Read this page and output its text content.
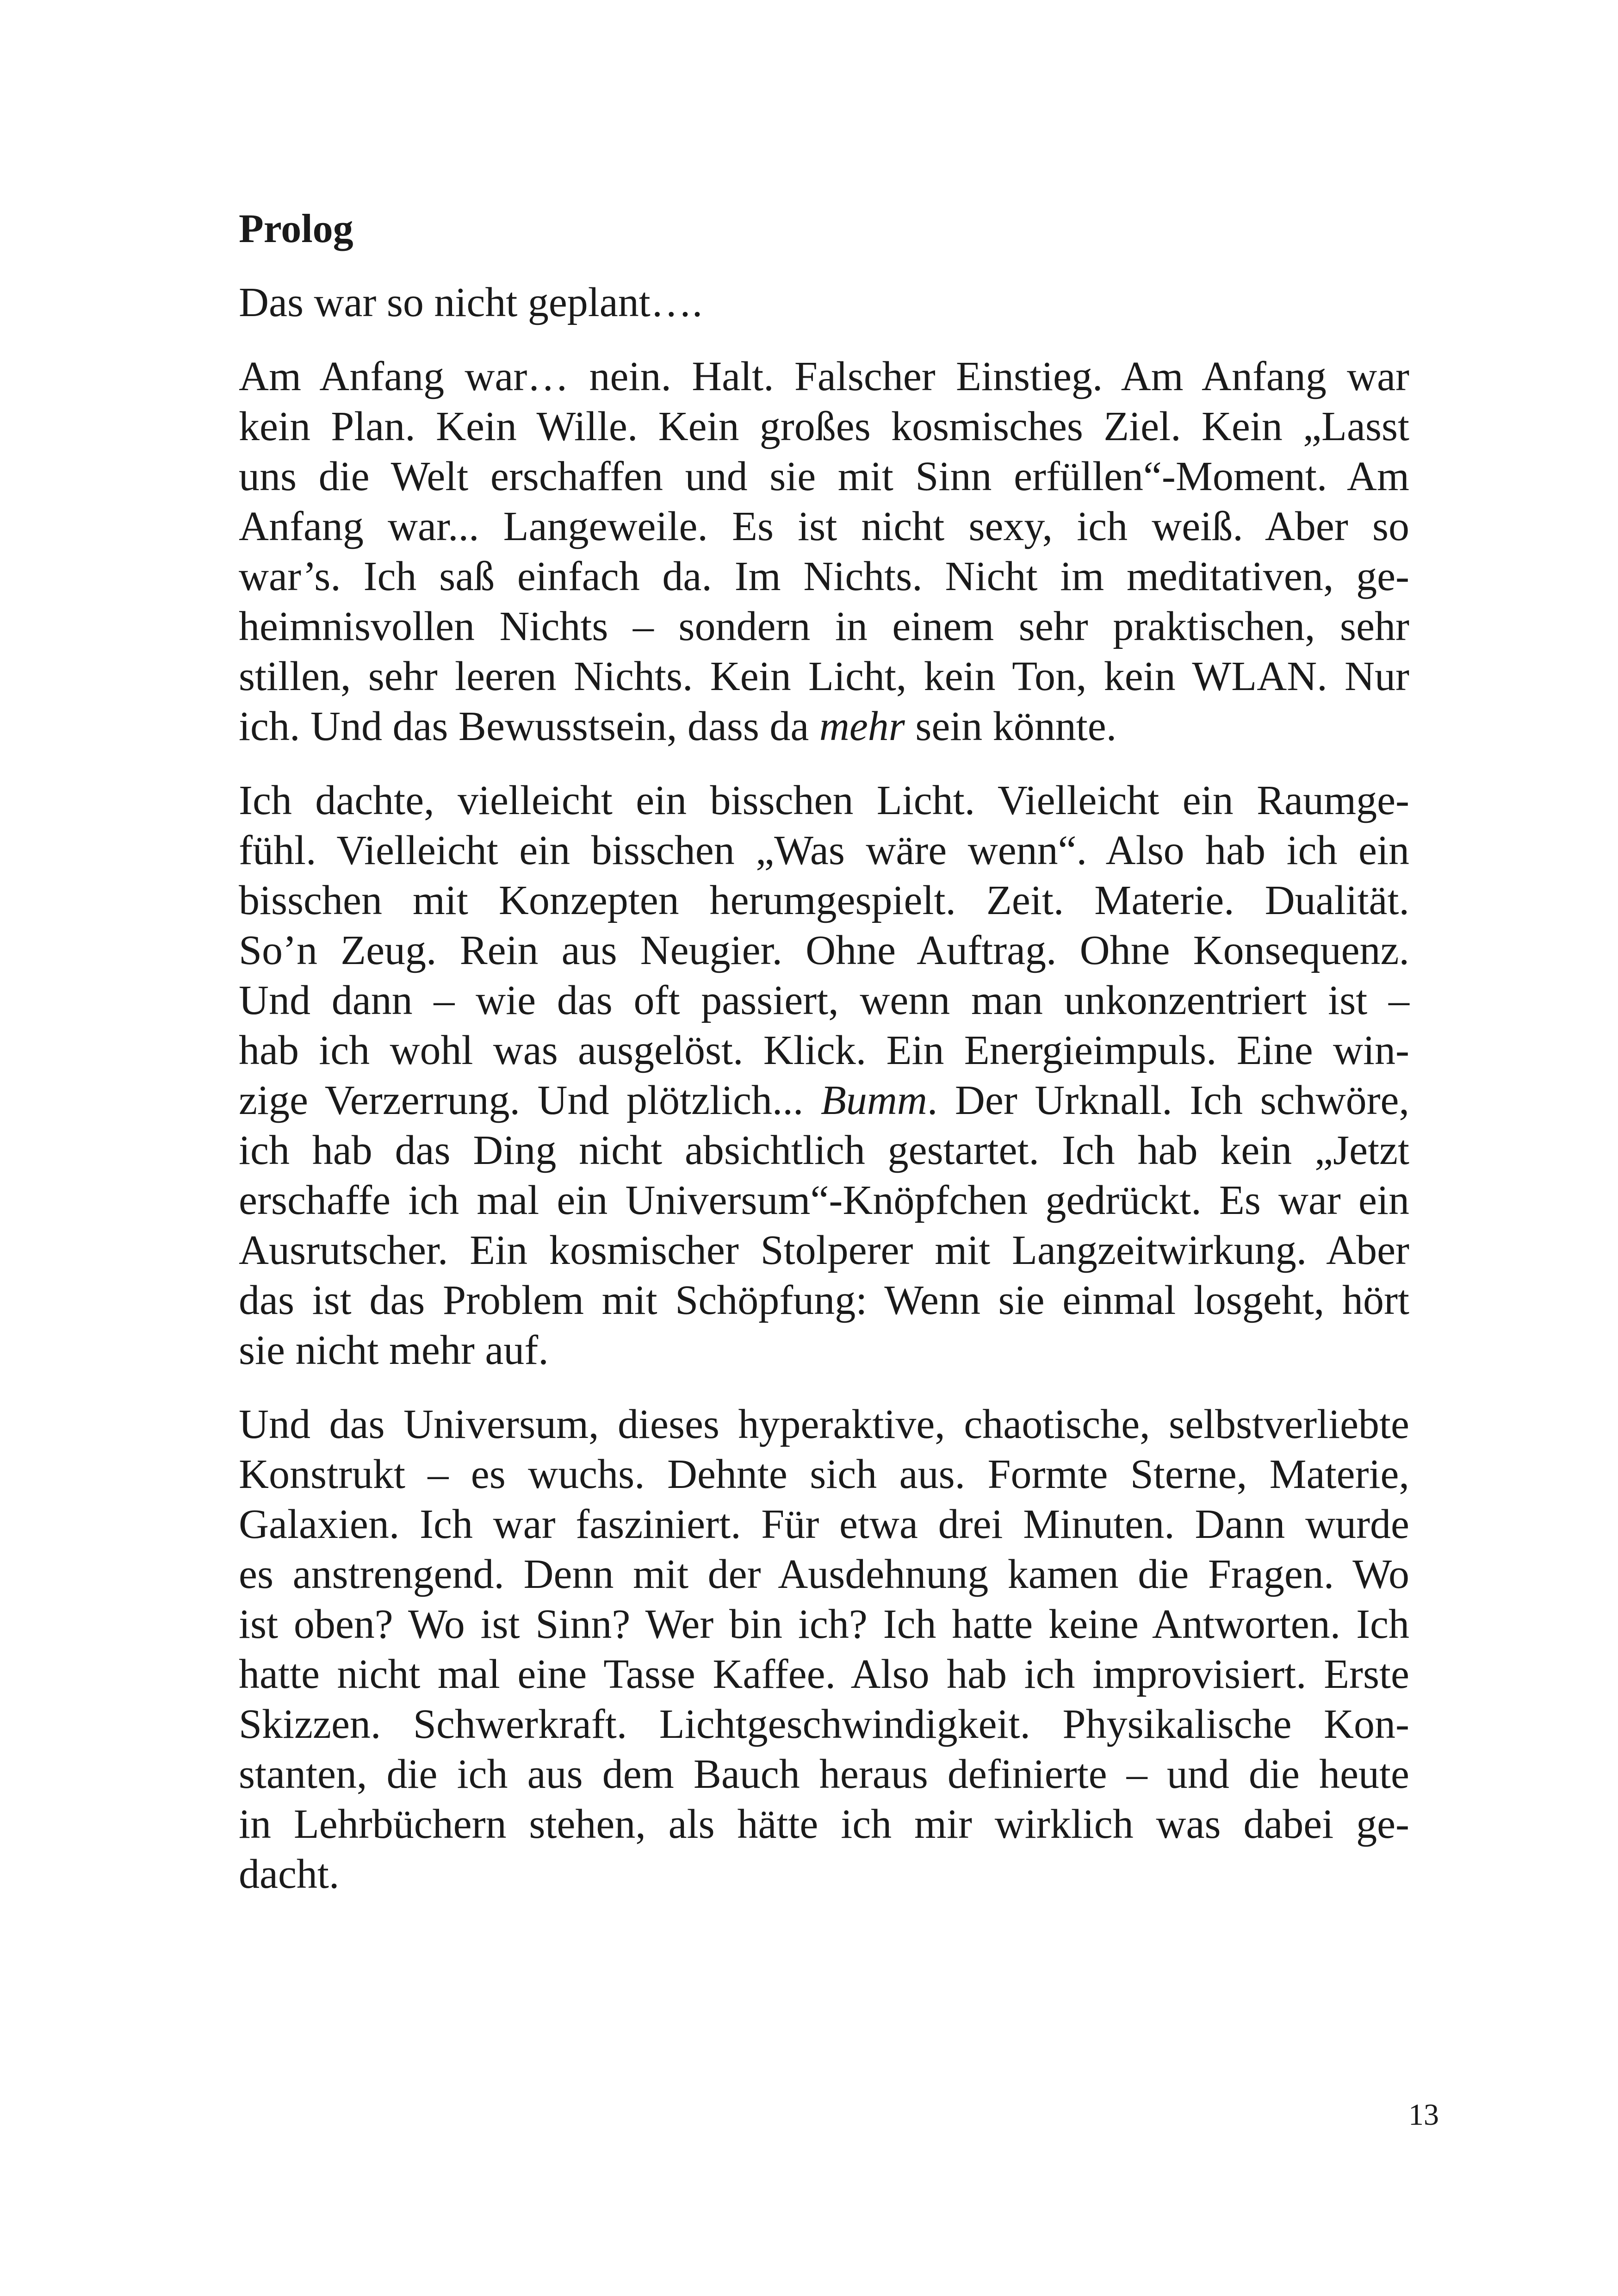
Prolog
Das war so nicht geplant….
Am Anfang war… nein. Halt. Falscher Einstieg. Am Anfang war
kein Plan. Kein Wille. Kein großes kosmisches Ziel. Kein „Lasst
uns die Welt erschaffen und sie mit Sinn erfüllen“-Moment. Am
Anfang war... Langeweile. Es ist nicht sexy, ich weiß. Aber so
war’s. Ich saß einfach da. Im Nichts. Nicht im meditativen, ge-
heimnisvollen Nichts – sondern in einem sehr praktischen, sehr
stillen, sehr leeren Nichts. Kein Licht, kein Ton, kein WLAN. Nur
ich. Und das Bewusstsein, dass da mehr sein könnte.
Ich dachte, vielleicht ein bisschen Licht. Vielleicht ein Raumge-
fühl. Vielleicht ein bisschen „Was wäre wenn“. Also hab ich ein
bisschen mit Konzepten herumgespielt. Zeit. Materie. Dualität.
So’n Zeug. Rein aus Neugier. Ohne Auftrag. Ohne Konsequenz.
Und dann – wie das oft passiert, wenn man unkonzentriert ist –
hab ich wohl was ausgelöst. Klick. Ein Energieimpuls. Eine win-
zige Verzerrung. Und plötzlich... Bumm. Der Urknall. Ich schwöre,
ich hab das Ding nicht absichtlich gestartet. Ich hab kein „Jetzt
erschaffe ich mal ein Universum“-Knöpfchen gedrückt. Es war ein
Ausrutscher. Ein kosmischer Stolperer mit Langzeitwirkung. Aber
das ist das Problem mit Schöpfung: Wenn sie einmal losgeht, hört
sie nicht mehr auf.
Und das Universum, dieses hyperaktive, chaotische, selbstverliebte
Konstrukt – es wuchs. Dehnte sich aus. Formte Sterne, Materie,
Galaxien. Ich war fasziniert. Für etwa drei Minuten. Dann wurde
es anstrengend. Denn mit der Ausdehnung kamen die Fragen. Wo
ist oben? Wo ist Sinn? Wer bin ich? Ich hatte keine Antworten. Ich
hatte nicht mal eine Tasse Kaffee. Also hab ich improvisiert. Erste
Skizzen. Schwerkraft. Lichtgeschwindigkeit. Physikalische Kon-
stanten, die ich aus dem Bauch heraus definierte – und die heute
in Lehrbüchern stehen, als hätte ich mir wirklich was dabei ge-
dacht.
13
